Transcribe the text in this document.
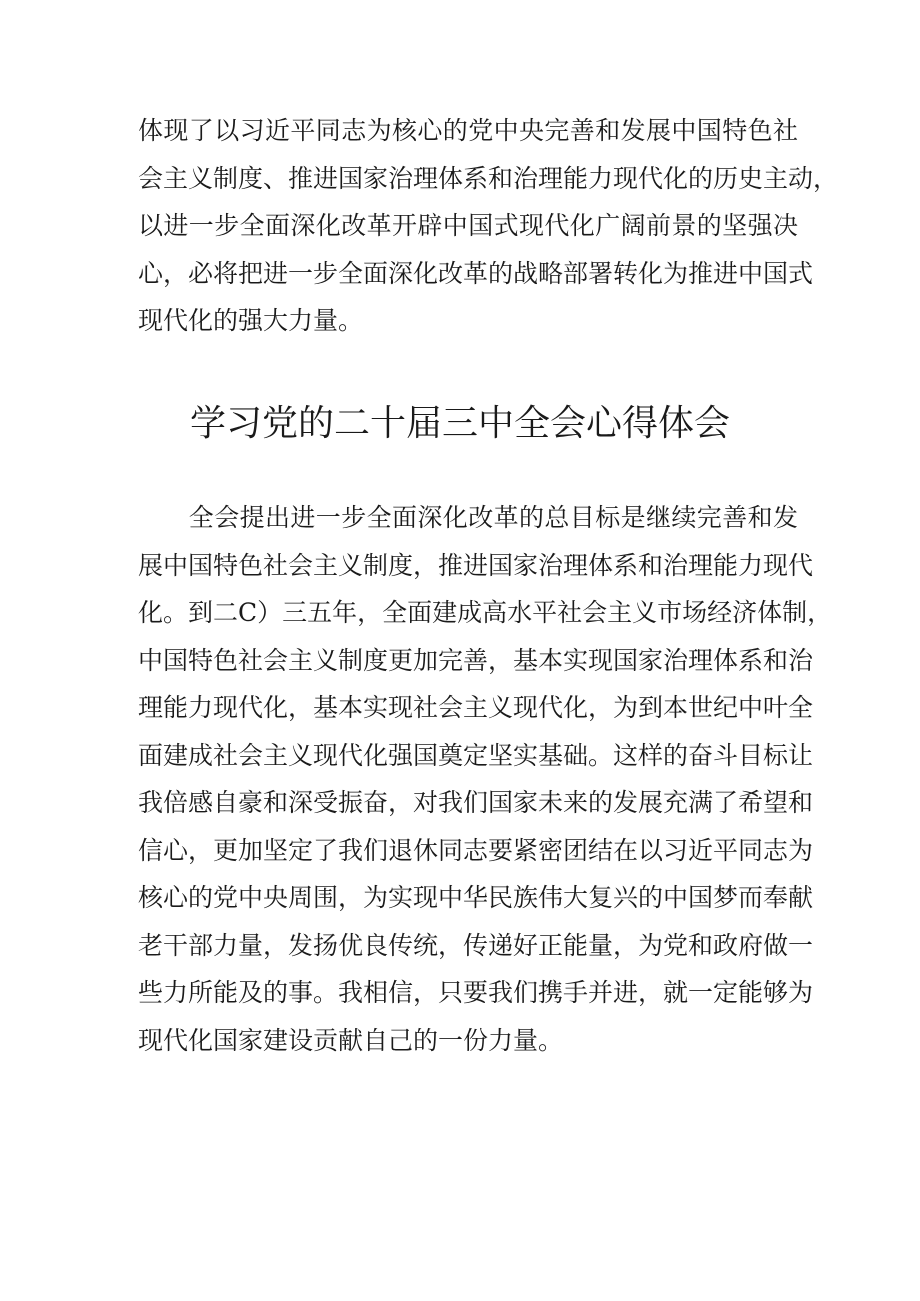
体现了以习近平同志为核心的党中央完善和发展中国特色社
会主义制度、推进国家治理体系和治理能力现代化的历史主动，
以进一步全面深化改革开辟中国式现代化广阔前景的坚强决
心，必将把进一步全面深化改革的战略部署转化为推进中国式
现代化的强大力量。
学习党的二十届三中全会心得体会
　　全会提出进一步全面深化改革的总目标是继续完善和发
展中国特色社会主义制度，推进国家治理体系和治理能力现代
化。到二C）三五年，全面建成高水平社会主义市场经济体制，
中国特色社会主义制度更加完善，基本实现国家治理体系和治
理能力现代化，基本实现社会主义现代化，为到本世纪中叶全
面建成社会主义现代化强国奠定坚实基础。这样的奋斗目标让
我倍感自豪和深受振奋，对我们国家未来的发展充满了希望和
信心，更加坚定了我们退休同志要紧密团结在以习近平同志为
核心的党中央周围，为实现中华民族伟大复兴的中国梦而奉献
老干部力量，发扬优良传统，传递好正能量，为党和政府做一
些力所能及的事。我相信，只要我们携手并进，就一定能够为
现代化国家建设贡献自己的一份力量。
